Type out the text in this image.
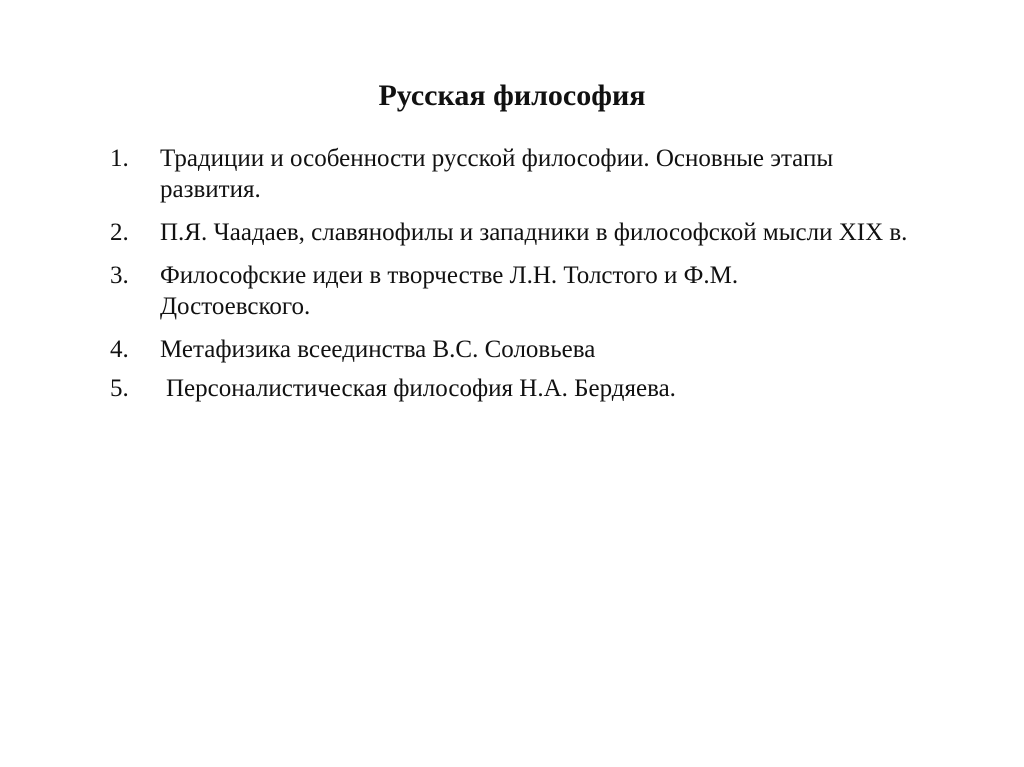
Русская философия
1.	Традиции и особенности русской философии. Основные этапы развития.
2.	П.Я. Чаадаев, славянофилы и западники в философской мысли XIX в.
3.	Философские идеи в творчестве Л.Н. Толстого и Ф.М. Достоевского.
4.	Метафизика всеединства В.С. Соловьева
5.	Персоналистическая философия Н.А. Бердяева.
